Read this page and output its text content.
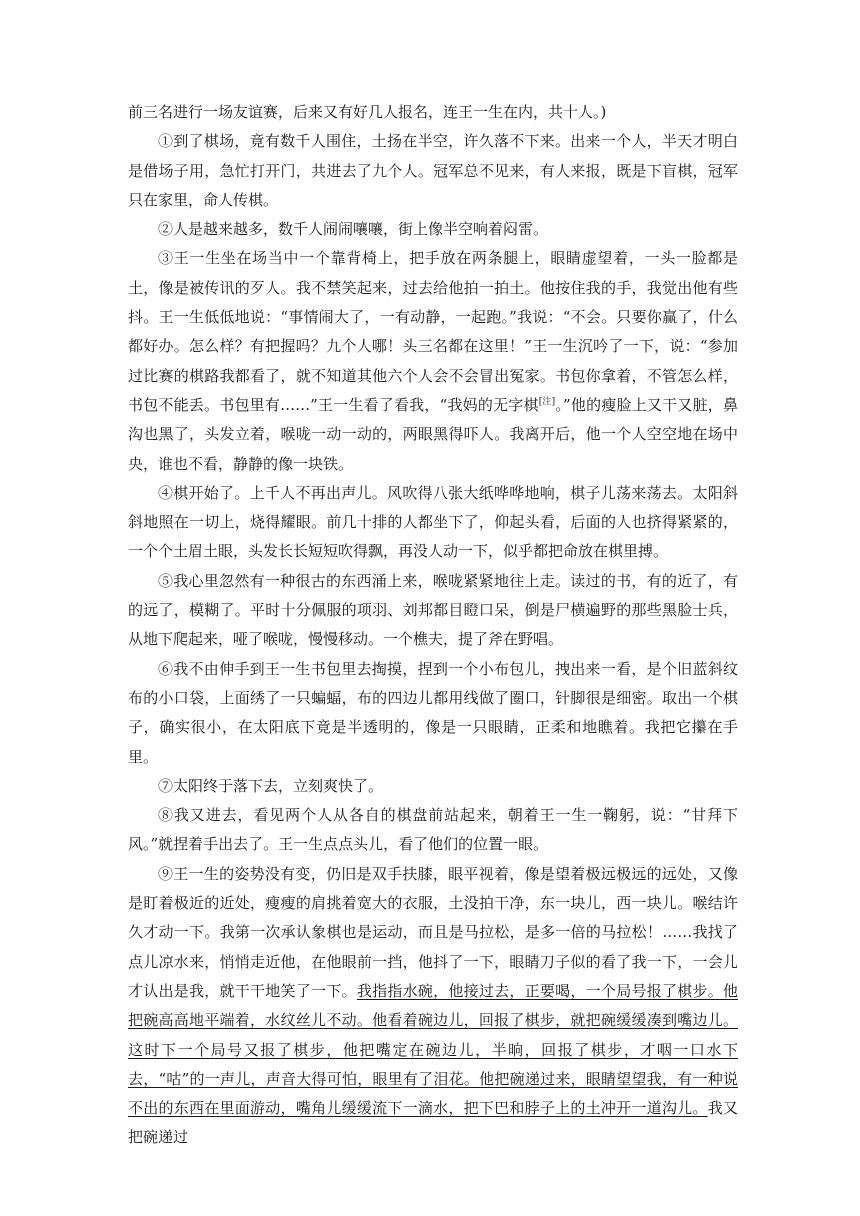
前三名进行一场友谊赛，后来又有好几人报名，连王一生在内，共十人。)

①到了棋场，竟有数千人围住，土扬在半空，许久落不下来。出来一个人，半天才明白是借场子用，急忙打开门，共进去了九个人。冠军总不见来，有人来报，既是下盲棋，冠军只在家里，命人传棋。

②人是越来越多，数千人闹闹嚷嚷，街上像半空响着闷雷。

③王一生坐在场当中一个靠背椅上，把手放在两条腿上，眼睛虚望着，一头一脸都是土，像是被传讯的歹人。我不禁笑起来，过去给他拍一拍土。他按住我的手，我觉出他有些抖。王一生低低地说：“事情闹大了，一有动静，一起跑。”我说：“不会。只要你赢了，什么都好办。怎么样？有把握吗？九个人哪！头三名都在这里！”王一生沉吟了一下，说：“参加过比赛的棋路我都看了，就不知道其他六个人会不会冒出冤家。书包你拿着，不管怎么样，书包不能丢。书包里有……”王一生看了看我，“我妈的无字棋[注]。”他的瘦脸上又干又脏，鼻沟也黑了，头发立着，喉咙一动一动的，两眼黑得吓人。我离开后，他一个人空空地在场中央，谁也不看，静静的像一块铁。

④棋开始了。上千人不再出声儿。风吹得八张大纸哗哗地响，棋子儿荡来荡去。太阳斜斜地照在一切上，烧得耀眼。前几十排的人都坐下了，仰起头看，后面的人也挤得紧紧的，一个个土眉土眼，头发长长短短吹得飘，再没人动一下，似乎都把命放在棋里搏。

⑤我心里忽然有一种很古的东西涌上来，喉咙紧紧地往上走。读过的书，有的近了，有的远了，模糊了。平时十分佩服的项羽、刘邦都目瞪口呆，倒是尸横遍野的那些黑脸士兵，从地下爬起来，哑了喉咙，慢慢移动。一个樵夫，提了斧在野唱。

⑥我不由伸手到王一生书包里去掏摸，捏到一个小布包儿，拽出来一看，是个旧蓝斜纹布的小口袋，上面绣了一只蝙蝠，布的四边儿都用线做了圈口，针脚很是细密。取出一个棋子，确实很小，在太阳底下竟是半透明的，像是一只眼睛，正柔和地瞧着。我把它攥在手里。

⑦太阳终于落下去，立刻爽快了。

⑧我又进去，看见两个人从各自的棋盘前站起来，朝着王一生一鞠躬，说：“甘拜下风。”就捏着手出去了。王一生点点头儿，看了他们的位置一眼。

⑨王一生的姿势没有变，仍旧是双手扶膝，眼平视着，像是望着极远极远的远处，又像是盯着极近的近处，瘦瘦的肩挑着宽大的衣服，土没拍干净，东一块儿，西一块儿。喉结许久才动一下。我第一次承认象棋也是运动，而且是马拉松，是多一倍的马拉松！……我找了点儿凉水来，悄悄走近他，在他眼前一挡，他抖了一下，眼睛刀子似的看了我一下，一会儿才认出是我，就干干地笑了一下。我指指水碗，他接过去，正要喝，一个局号报了棋步。他把碗高高地平端着，水纹丝儿不动。他看着碗边儿，回报了棋步，就把碗缓缓凑到嘴边儿。这时下一个局号又报了棋步，他把嘴定在碗边儿，半晌，回报了棋步，才咽一口水下去，“咕”的一声儿，声音大得可怕，眼里有了泪花。他把碗递过来，眼睛望望我，有一种说不出的东西在里面游动，嘴角儿缓缓流下一滴水，把下巴和脖子上的土冲开一道沟儿。我又把碗递过
